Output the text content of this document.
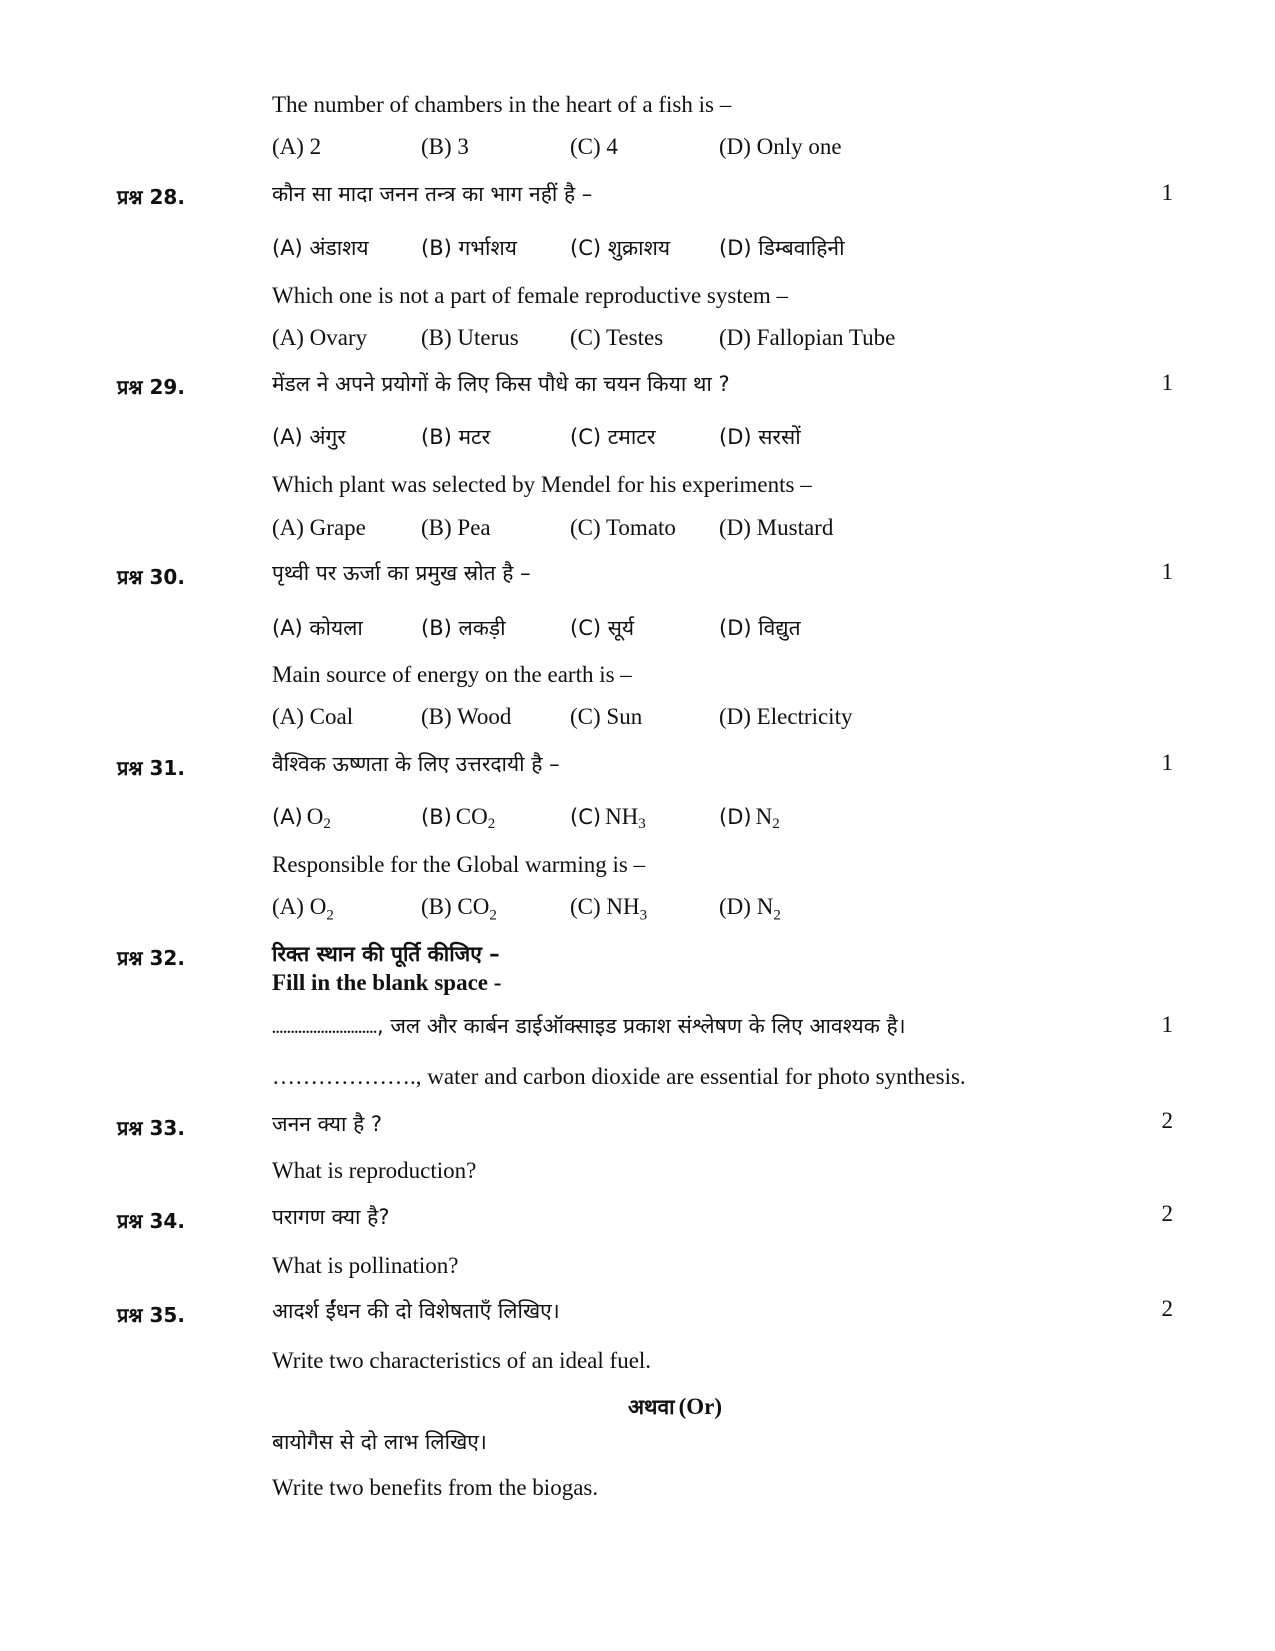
The number of chambers in the heart of a fish is –
(A) 2	(B) 3	(C) 4	(D) Only one
प्रश्न 28.	कौन सा मादा जनन तन्त्र का भाग नहीं है –	1
(A) अंडाशय (B) गर्भाशय	(C) शुक्राशय (D) डिम्बवाहिनी
Which one is not a part of female reproductive system –
(A) Ovary (B) Uterus (C) Testes (D) Fallopian Tube
प्रश्न 29.	मेंडल ने अपने प्रयोगों के लिए किस पौधे का चयन किया था ?	1
(A) अंगुर	(B) मटर	(C) टमाटर	(D) सरसों
Which plant was selected by Mendel for his experiments –
(A) Grape (B) Pea	(C) Tomato (D) Mustard
प्रश्न 30.	पृथ्वी पर ऊर्जा का प्रमुख स्रोत है –	1
(A) कोयला	(B) लकड़ी	(C) सूर्य	(D) विद्युत
Main source of energy on the earth is –
(A) Coal	(B) Wood	(C) Sun	(D) Electricity
प्रश्न 31.	वैश्विक ऊष्णता के लिए उत्तरदायी है –	1
(A) $O_2$	(B) $CO_2$	(C) $NH_3$	(D) $N_2$
Responsible for the Global warming is –
(A) $O_2$	(B) $CO_2$	(C) $NH_3$	(D) $N_2$
प्रश्न 32.	रिक्त स्थान की पूर्ति कीजिए –
Fill in the blank space -
............................, जल और कार्बन डाईऑक्साइड प्रकाश संश्लेषण के लिए आवश्यक है।	1
………………., water and carbon dioxide are essential for photo synthesis.
प्रश्न 33.	जनन क्या है ?	2
What is reproduction?
प्रश्न 34.	परागण क्या है?	2
What is pollination?
प्रश्न 35.	आदर्श ईंधन की दो विशेषताएँ लिखिए।	2
Write two characteristics of an ideal fuel.
अथवा (Or)
बायोगैस से दो लाभ लिखिए।
Write two benefits from the biogas.
